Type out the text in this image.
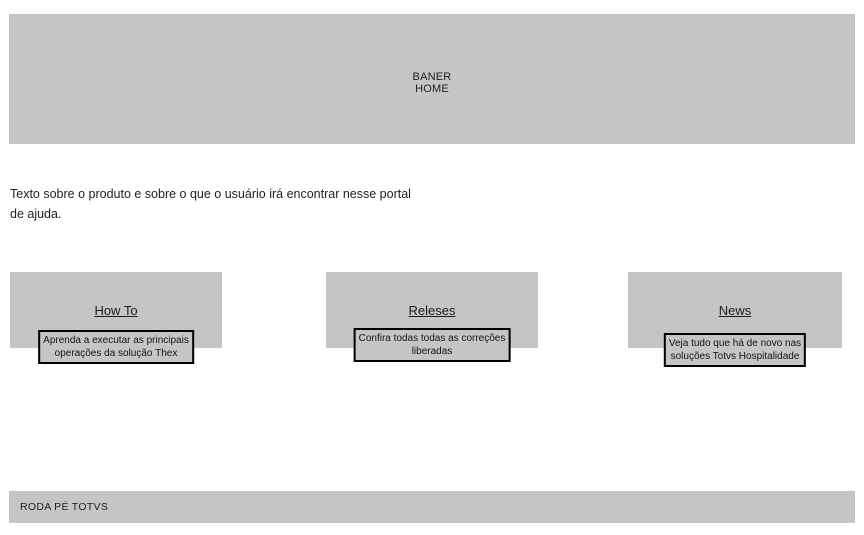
BANER
HOME

Texto sobre o produto e sobre o que o usuário irá encontrar nesse portal de ajuda.

How To
Aprenda a executar as principais
operações da solução Thex
Releses
Confira todas todas as correções
liberadas
News
Veja tudo que há de novo nas
soluções Totvs Hospitalidade
RODA PÉ TOTVS
